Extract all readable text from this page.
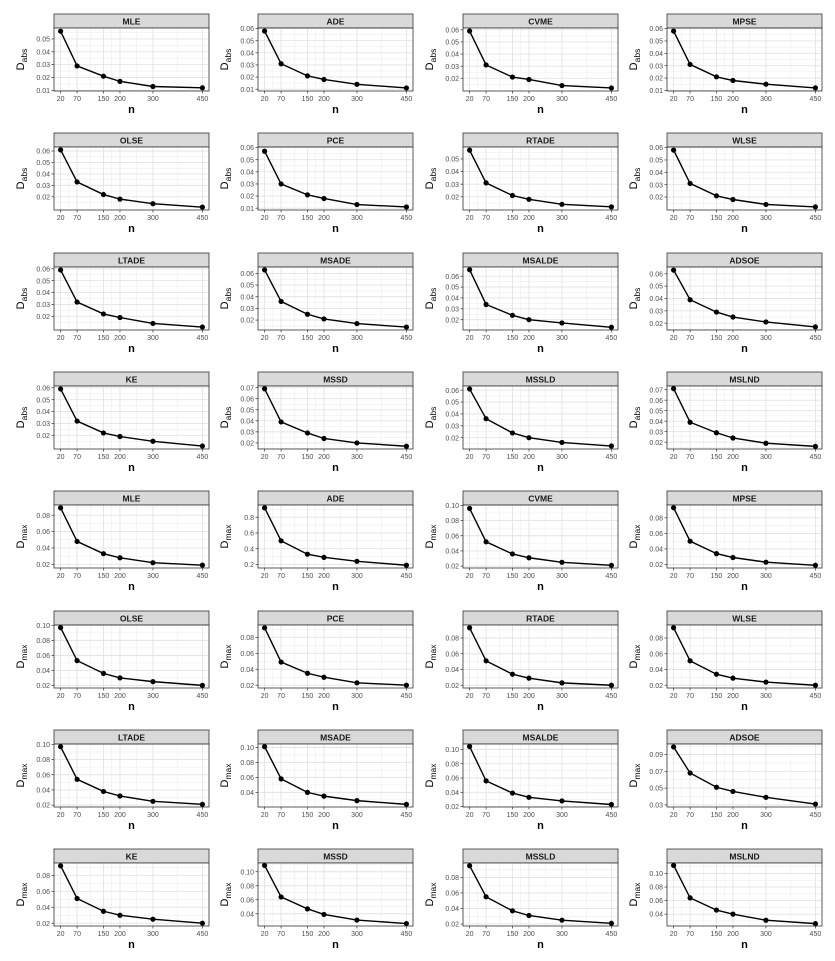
MLE
0.01
0.02
0.03
0.04
0.05
20 70 150 200	300	450
n
$D_{abs}$
ADE
0.01
0.02
0.03
0.04
0.05
0.06
20 70 150 200	300	450
n
$D_{abs}$
CVME
0.02
0.03
0.04
0.05
0.06
20 70 150 200	300	450
n
$D_{abs}$
MPSE
0.01
0.02
0.03
0.04
0.05
0.06
20 70 150 200	300	450
n
$D_{abs}$
OLSE
0.02
0.03
0.04
0.05
0.06
20 70 150 200	300	450
n
$D_{abs}$
PCE
0.01
0.02
0.03
0.04
0.05
0.06
20 70 150 200	300	450
n
$D_{abs}$
RTADE
0.02
0.03
0.04
0.05
20 70 150 200	300	450
n
$D_{abs}$
WLSE
0.02
0.03
0.04
0.05
0.06
20 70 150 200	300	450
n
$D_{abs}$
LTADE
0.02
0.03
0.04
0.05
0.06
20 70 150 200	300	450
n
$D_{abs}$
MSADE
0.02
0.03
0.04
0.05
0.06
20 70 150 200	300	450
n
$D_{abs}$
MSALDE
0.02
0.03
0.04
0.05
0.06
20 70 150 200	300	450
n
$D_{abs}$
ADSOE
0.02
0.03
0.04
0.05
0.06
20 70 150 200	300	450
n
$D_{abs}$
KE
0.02
0.03
0.04
0.05
0.06
20 70 150 200	300	450
n
$D_{abs}$
MSSD
0.02
0.03
0.04
0.05
0.06
0.07
20 70 150 200	300	450
n
$D_{abs}$
MSSLD
0.02
0.03
0.04
0.05
0.06
20 70 150 200	300	450
n
$D_{abs}$
MSLND
0.02
0.03
0.04
0.05
0.06
0.07
20 70 150 200	300	450
n
$D_{abs}$
MLE
0.02
0.04
0.06
0.08
20 70 150 200	300	450
n
$D_{max}$
ADE
0.2
0.4
0.6
0.8
20 70 150 200	300	450
n
$D_{max}$
CVME
0.02
0.04
0.06
0.08
0.10
20 70 150 200	300	450
n
$D_{max}$
MPSE
0.02
0.04
0.06
0.08
20 70 150 200	300	450
n
$D_{max}$
OLSE
0.02
0.04
0.06
0.08
0.10
20 70 150 200	300	450
n
$D_{max}$
PCE
0.02
0.04
0.06
0.08
20 70 150 200	300	450
n
$D_{max}$
RTADE
0.02
0.04
0.06
0.08
20 70 150 200	300	450
n
$D_{max}$
WLSE
0.02
0.04
0.06
0.08
20 70 150 200	300	450
n
$D_{max}$
LTADE
0.02
0.04
0.06
0.08
0.10
20 70 150 200	300	450
n
$D_{max}$
MSADE
0.04
0.06
0.08
0.10
20 70 150 200	300	450
n
$D_{max}$
MSALDE
0.02
0.04
0.06
0.08
0.10
20 70 150 200	300	450
n
$D_{max}$
ADSOE
0.03
0.05
0.07
0.09
20 70 150 200	300	450
n
$D_{max}$
KE
0.02
0.04
0.06
0.08
20 70 150 200	300	450
n
$D_{max}$
MSSD
0.04
0.06
0.08
0.10
20 70 150 200	300	450
n
$D_{max}$
MSSLD
0.02
0.04
0.06
0.08
20 70 150 200	300	450
n
$D_{max}$
MSLND
0.04
0.06
0.08
0.10
20 70 150 200	300	450
n
$D_{max}$
